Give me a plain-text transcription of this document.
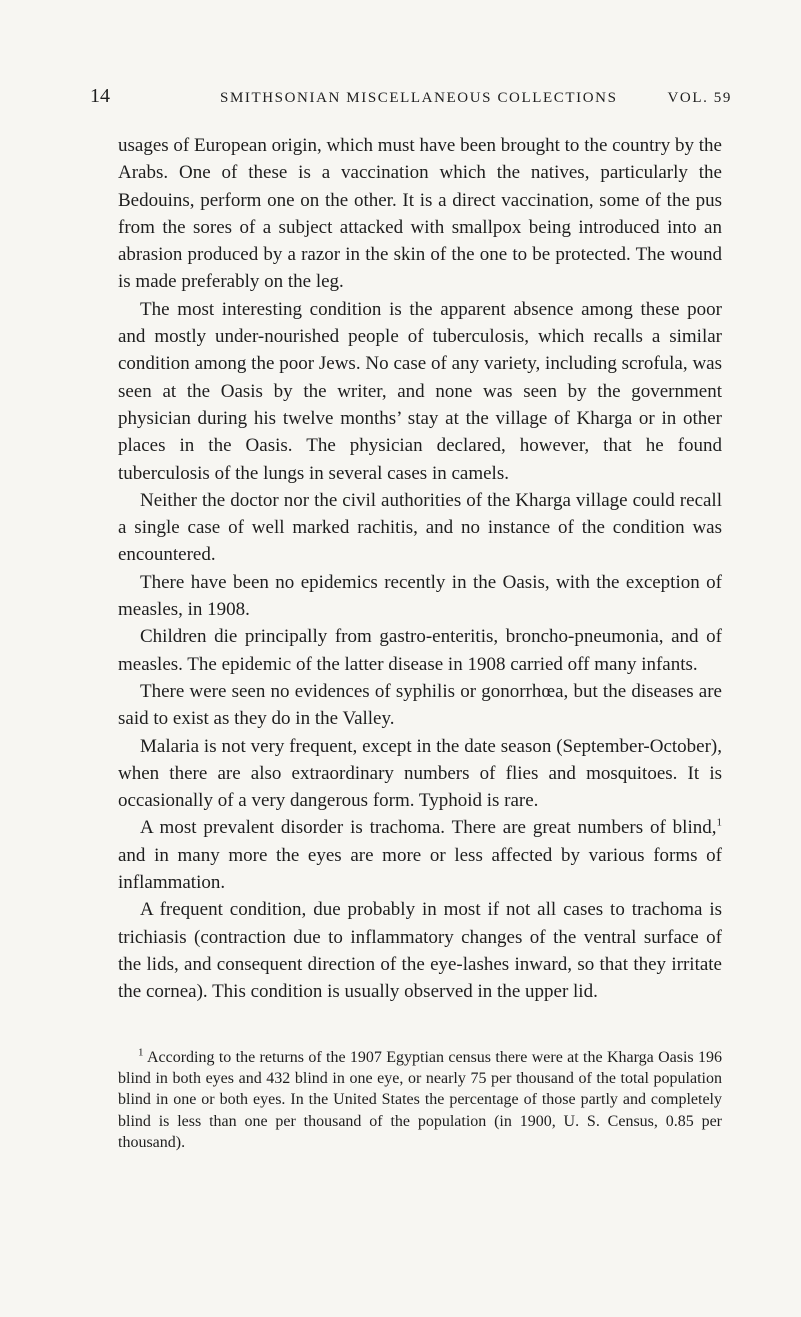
14	SMITHSONIAN MISCELLANEOUS COLLECTIONS	VOL. 59

usages of European origin, which must have been brought to the country by the Arabs. One of these is a vaccination which the natives, particularly the Bedouins, perform one on the other. It is a direct vaccination, some of the pus from the sores of a subject attacked with smallpox being introduced into an abrasion produced by a razor in the skin of the one to be protected. The wound is made preferably on the leg.

The most interesting condition is the apparent absence among these poor and mostly under-nourished people of tuberculosis, which recalls a similar condition among the poor Jews. No case of any variety, including scrofula, was seen at the Oasis by the writer, and none was seen by the government physician during his twelve months’ stay at the village of Kharga or in other places in the Oasis. The physician declared, however, that he found tuberculosis of the lungs in several cases in camels.

Neither the doctor nor the civil authorities of the Kharga village could recall a single case of well marked rachitis, and no instance of the condition was encountered.

There have been no epidemics recently in the Oasis, with the exception of measles, in 1908.

Children die principally from gastro-enteritis, broncho-pneumonia, and of measles. The epidemic of the latter disease in 1908 carried off many infants.

There were seen no evidences of syphilis or gonorrhœa, but the diseases are said to exist as they do in the Valley.

Malaria is not very frequent, except in the date season (September-October), when there are also extraordinary numbers of flies and mosquitoes. It is occasionally of a very dangerous form. Typhoid is rare.

A most prevalent disorder is trachoma. There are great numbers of blind,$^1$ and in many more the eyes are more or less affected by various forms of inflammation.

A frequent condition, due probably in most if not all cases to trachoma is trichiasis (contraction due to inflammatory changes of the ventral surface of the lids, and consequent direction of the eye-lashes inward, so that they irritate the cornea). This condition is usually observed in the upper lid.

$^1$ According to the returns of the 1907 Egyptian census there were at the Kharga Oasis 196 blind in both eyes and 432 blind in one eye, or nearly 75 per thousand of the total population blind in one or both eyes. In the United States the percentage of those partly and completely blind is less than one per thousand of the population (in 1900, U. S. Census, 0.85 per thousand).
